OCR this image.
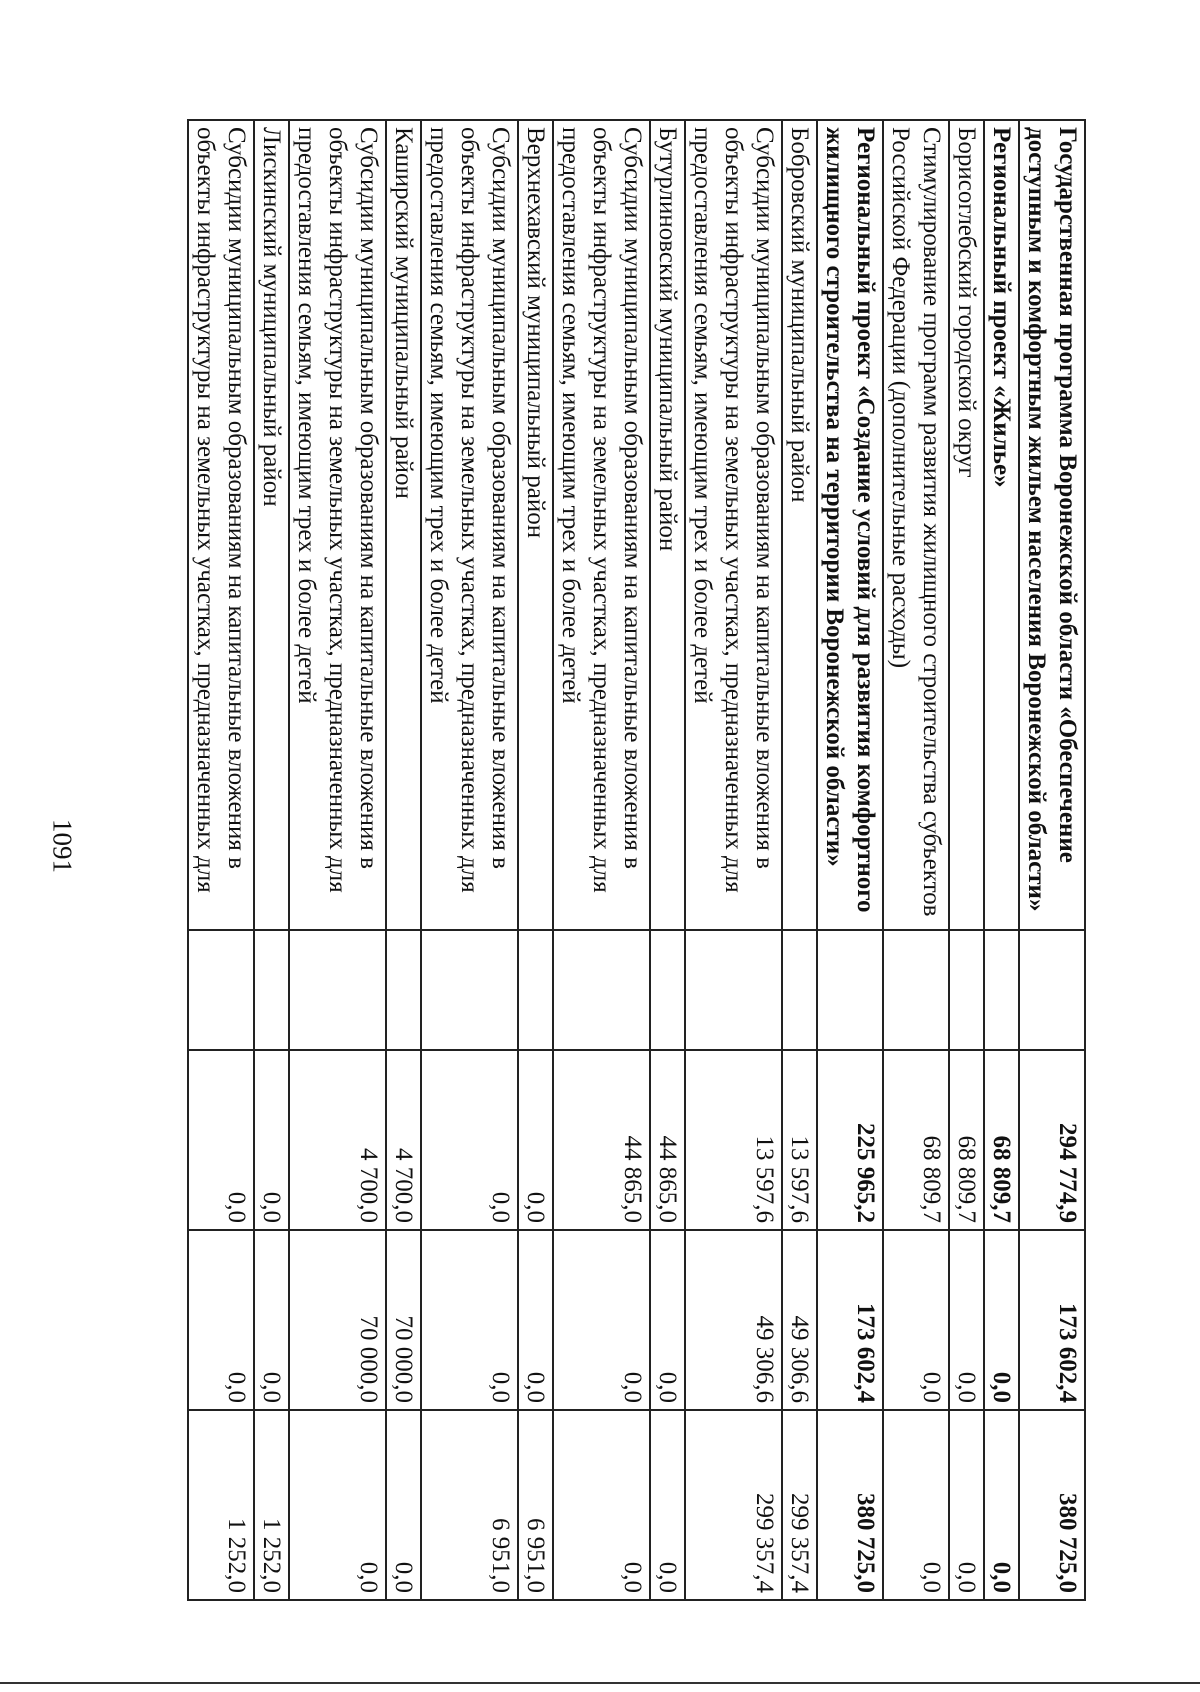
1091	Государственная программа Воронежской области «Обеспечение доступным и комфортным жильем населения Воронежской области»		294 774,9	173 602,4	380 725,0
Региональный проект «Жилье»		68 809,7	0,0	0,0
Борисоглебский городской округ		68 809,7	0,0	0,0
Стимулирование программ развития жилищного строительства субъектов Российской Федерации (дополнительные расходы)		68 809,7	0,0	0,0
Региональный проект «Создание условий для развития комфортного жилищного строительства на территории Воронежской области»		225 965,2	173 602,4	380 725,0
Бобровский муниципальный район		13 597,6	49 306,6	299 357,4
Субсидии муниципальным образованиям на капитальные вложения в объекты инфраструктуры на земельных участках, предназначенных для предоставления семьям, имеющим трех и более детей		13 597,6	49 306,6	299 357,4
Бутурлиновский муниципальный район		44 865,0	0,0	0,0
Субсидии муниципальным образованиям на капитальные вложения в объекты инфраструктуры на земельных участках, предназначенных для предоставления семьям, имеющим трех и более детей		44 865,0	0,0	0,0
Верхнехавский муниципальный район		0,0	0,0	6 951,0
Субсидии муниципальным образованиям на капитальные вложения в объекты инфраструктуры на земельных участках, предназначенных для предоставления семьям, имеющим трех и более детей		0,0	0,0	6 951,0
Каширский муниципальный район		4 700,0	70 000,0	0,0
Субсидии муниципальным образованиям на капитальные вложения в объекты инфраструктуры на земельных участках, предназначенных для предоставления семьям, имеющим трех и более детей		4 700,0	70 000,0	0,0
Лискинский муниципальный район		0,0	0,0	1 252,0
Субсидии муниципальным образованиям на капитальные вложения в объекты инфраструктуры на земельных участках, предназначенных для		0,0	0,0	1 252,0
